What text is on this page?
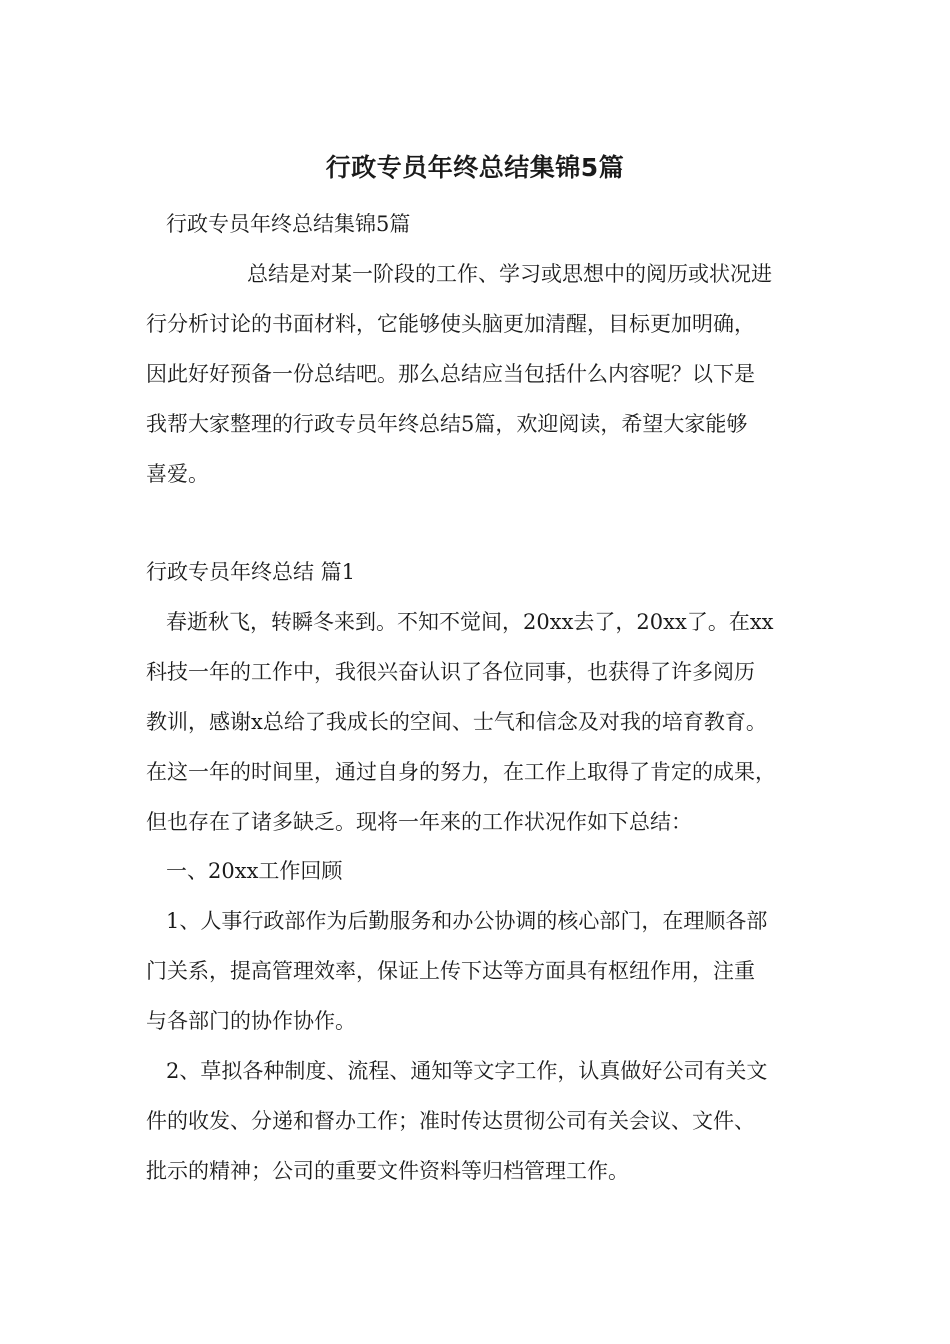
行政专员年终总结集锦5篇
行政专员年终总结集锦5篇
总结是对某一阶段的工作、学习或思想中的阅历或状况进
行分析讨论的书面材料，它能够使头脑更加清醒，目标更加明确，
因此好好预备一份总结吧。那么总结应当包括什么内容呢？以下是
我帮大家整理的行政专员年终总结5篇，欢迎阅读，希望大家能够
喜爱。
行政专员年终总结 篇1
春逝秋飞，转瞬冬来到。不知不觉间，20xx去了，20xx了。在xx
科技一年的工作中，我很兴奋认识了各位同事，也获得了许多阅历
教训，感谢x总给了我成长的空间、士气和信念及对我的培育教育。
在这一年的时间里，通过自身的努力，在工作上取得了肯定的成果，
但也存在了诸多缺乏。现将一年来的工作状况作如下总结：
一、20xx工作回顾
1、人事行政部作为后勤服务和办公协调的核心部门，在理顺各部
门关系，提高管理效率，保证上传下达等方面具有枢纽作用，注重
与各部门的协作协作。
2、草拟各种制度、流程、通知等文字工作，认真做好公司有关文
件的收发、分递和督办工作；准时传达贯彻公司有关会议、文件、
批示的精神；公司的重要文件资料等归档管理工作。
